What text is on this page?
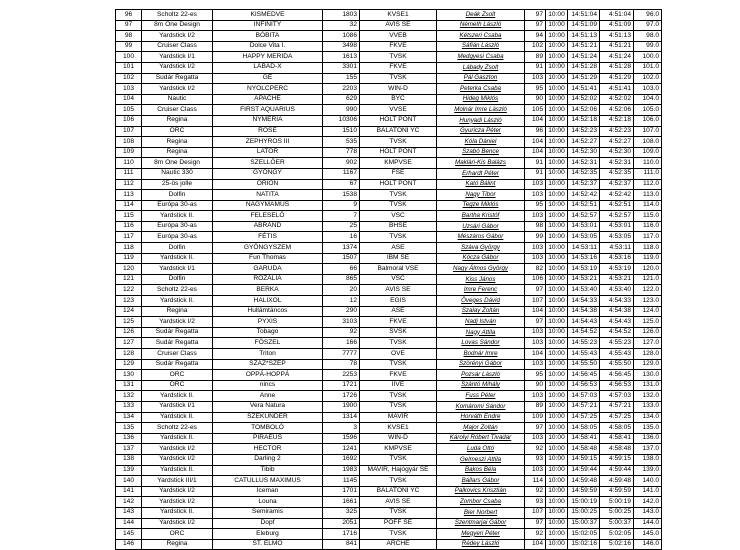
96	Scholtz 22-es	KISMEDVE	1803	KVSE1	Deák Zsolt	97	10:00	14:51:04	4:51:04	96.0
97	8m One Design	INFINITY	32	AVIS SE	Németh László	97	10:00	14:51:09	4:51:09	97.0
98	Yardstick I/2	BÓBITA	1086	VVEB	Kétszeri Csaba	94	10:00	14:51:13	4:51:13	98.0
99	Cruiser Class	Dolce Vita I.	3498	FKVE	Sáfián László	102	10:00	14:51:21	4:51:21	99.0
100	Yardstick I/1	HAPPY MERIDA	1613	TVSK	Medgyesi Csaba	89	10:00	14:51:24	4:51:24	100.0
101	Yardstick I/2	LÁBAD-X	3301	FKVE	Lábady Zsolt	91	10:00	14:51:28	4:51:28	101.0
102	Sudár Regatta	GÉ	155	TVSK	Pál Gaszton	103	10:00	14:51:29	4:51:29	102.0
103	Yardstick I/2	NYOLCPERC	2203	WIN-D	Peterka Csaba	95	10:00	14:51:41	4:51:41	103.0
104	Nautic	APACHE	629	BYC	Hideg Miklós	90	10:00	14:52:02	4:52:02	104.0
105	Cruiser Class	FIRST AQUARIUS	990	VVSE	Molnár Imre László	105	10:00	14:52:06	4:52:06	105.0
106	Regina	NYMERIA	10306	HOLT PONT	Hunyadi László	104	10:00	14:52:18	4:52:18	106.0
107	ORC	ROSE	1510	BALATONI YC	Gyuricza Péter	96	10:00	14:52:23	4:52:23	107.0
108	Regina	ZEPHYROS III	535	TVSK	Kóla Dániel	104	10:00	14:52:27	4:52:27	108.0
109	Regina	LATOR	778	HOLT PONT	Szabó Bence	104	10:00	14:52:30	4:52:30	109.0
110	8m One Design	SZELLŐER	902	KMPVSE	Maklári-Kis Balázs	91	10:00	14:52:31	4:52:31	110.0
111	Nautic 330	GYÖNGY	1167	FSE	Erhardt Péter	91	10:00	14:52:35	4:52:35	111.0
112	25-ös jolle	ORION	67	HOLT PONT	Kató Bálint	103	10:00	14:52:37	4:52:37	112.0
113	Dolfin	NATITA	1538	TVSK	Nagy Tibor	103	10:00	14:52:42	4:52:42	113.0
114	Európa 30-as	NAGYMAMUS	9	TVSK	Tegze Miklós	95	10:00	14:52:51	4:52:51	114.0
115	Yardstick II.	FELESELŐ	7	VSC	Bartha Kristóf	103	10:00	14:52:57	4:52:57	115.0
116	Európa 30-as	ÁBRÁND	25	BHSE	Uzsári Gábor	98	10:00	14:53:01	4:53:01	116.0
117	Európa 30-as	FÉTIS	16	TVSK	Mészáros Gábor	99	10:00	14:53:05	4:53:05	117.0
118	Dolfin	GYÖNGYSZEM	1374	ASE	Száva György	103	10:00	14:53:11	4:53:11	118.0
119	Yardstick II.	Fun Thomas	1507	IBM SE	Kócza Gábor	103	10:00	14:53:16	4:53:16	119.0
120	Yardstick I/1	GARUDA	66	Balmoral VSE	Nagy Álmos György	82	10:00	14:53:19	4:53:19	120.0
121	Dolfin	ROZÁLIA	865	VSC	Kiss János	106	10:00	14:53:21	4:53:21	121.0
122	Scholtz 22-es	BERKA	20	AVIS SE	Imre Ferenc	97	10:00	14:53:40	4:53:40	122.0
123	Yardstick II.	HALIXOL	12	EGIS	Öveges Dávid	107	10:00	14:54:33	4:54:33	123.0
124	Regina	Hullámtáncos	290	ASE	Szalay Zoltán	104	10:00	14:54:38	4:54:38	124.0
125	Yardstick I/2	PYXIS	3103	FKVE	Nadj István	97	10:00	14:54:43	4:54:43	125.0
126	Sudár Regatta	Tobago	92	SVSK	Nagy Attila	103	10:00	14:54:52	4:54:52	126.0
127	Sudár Regatta	FÖSZEL	166	TVSK	Lovas Sándor	103	10:00	14:55:23	4:55:23	127.0
128	Cruiser Class	Triton	7777	OVE	Bodnár Imre	104	10:00	14:55:43	4:55:43	128.0
129	Sudár Regatta	SZÁZ*SZÉP	78	TVSK	Szörényi Gábor	103	10:00	14:55:50	4:55:50	129.0
130	ORC	OPPÁ-HOPPÁ	2253	FKVE	Pozsár László	95	10:00	14:56:45	4:56:45	130.0
131	ORC	nincs	1721	IIVE	Szántó Mihály	90	10:00	14:56:53	4:56:53	131.0
132	Yardstick II.	Anne	1726	TVSK	Fuss Péter	103	10:00	14:57:03	4:57:03	132.0
133	Yardstick I/1	Vera Natura	1900	TVSK	Komáromi Sándor	89	10:00	14:57:21	4:57:21	133.0
134	Yardstick II.	SZEKUNDER	1314	MAVIR	Horváth Endre	109	10:00	14:57:25	4:57:25	134.0
135	Scholtz 22-es	TOMBOLÓ	3	KVSE1	Major Zoltán	97	10:00	14:58:05	4:58:05	135.0
136	Yardstick II.	PIRAEUS	1596	WIN-D	Károlyi Róbert Tivadar	103	10:00	14:58:41	4:58:41	136.0
137	Yardstick I/2	HECTOR	1241	KMPVSE	Luda Ottó	92	10:00	14:58:48	4:58:48	137.0
138	Yardstick I/2	Darling 2	1692	TVSK	Gelmeszi Attila	93	10:00	14:59:15	4:59:15	138.0
139	Yardstick II.	Tibib	1983	MAVIR, Hajógyár SE	Bakos Béla	103	10:00	14:59:44	4:59:44	139.0
140	Yardstick III/1	CATULLUS MAXIMUS	1145	TVSK	Bállars Gábor	114	10:00	14:59:48	4:59:48	140.0
141	Yardstick I/2	Iceman	1701	BALATONI YC	Palkovics Krisztián	92	10:00	14:59:59	4:59:59	141.0
142	Yardstick I/2	Louna	1661	AVIS SE	Zombor Csaba	93	10:00	15:00:19	5:00:19	142.0
143	Yardstick II.	Semiramis	325	TVSK	Bier Norbert	107	10:00	15:00:25	5:00:25	143.0
144	Yardstick I/2	Dopf	2051	PÖFF SE	Szentmarjai Gábor	97	10:00	15:00:37	5:00:37	144.0
145	ORC	Eleburg	1716	TVSK	Megyeri Péter	92	10:00	15:02:05	5:02:05	145.0
146	Regina	ST. ELMO	841	ARCHE	Rédey László	104	10:00	15:02:16	5:02:16	146.0
